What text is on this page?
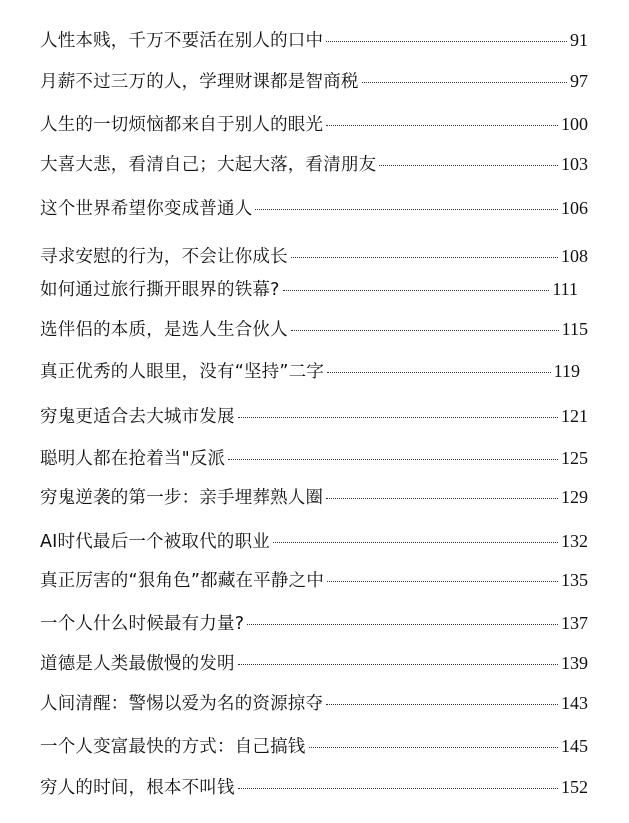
人性本贱，千万不要活在别人的口中	91
月薪不过三万的人，学理财课都是智商税	97
人生的一切烦恼都来自于别人的眼光	100
大喜大悲，看清自己；大起大落，看清朋友	103
这个世界希望你变成普通人	106
寻求安慰的行为，不会让你成长	108
如何通过旅行撕开眼界的铁幕?	111
选伴侣的本质，是选人生合伙人	115
真正优秀的人眼里，没有“坚持”二字	119
穷鬼更适合去大城市发展	121
聪明人都在抢着当"反派	125
穷鬼逆袭的第一步：亲手埋葬熟人圈	129
AI时代最后一个被取代的职业	132
真正厉害的“狠角色”都藏在平静之中	135
一个人什么时候最有力量?	137
道德是人类最傲慢的发明	139
人间清醒：警惕以爱为名的资源掠夺	143
一个人变富最快的方式：自己搞钱	145
穷人的时间，根本不叫钱	152
